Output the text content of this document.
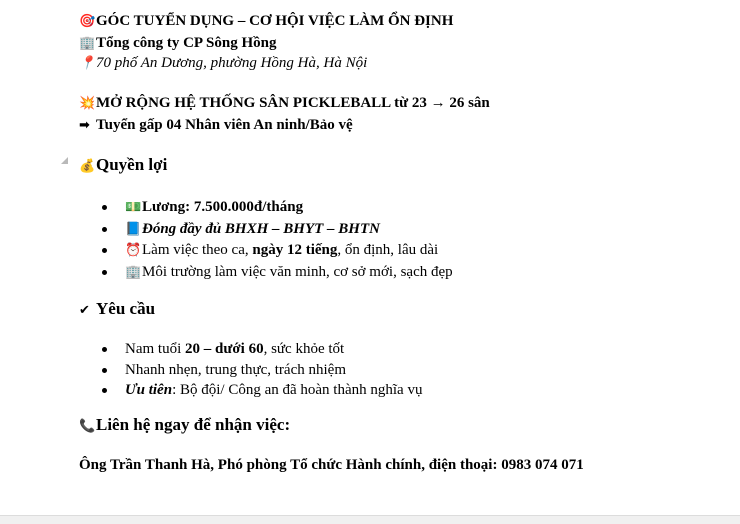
🎯GÓC TUYỂN DỤNG – CƠ HỘI VIỆC LÀM ỔN ĐỊNH
🏢Tổng công ty CP Sông Hồng
📍70 phố An Dương, phường Hồng Hà, Hà Nội
💥MỞ RỘNG HỆ THỐNG SÂN PICKLEBALL từ 23 → 26 sân
➡ Tuyển gấp 04 Nhân viên An ninh/Bảo vệ
💰Quyền lợi
💵Lương: 7.500.000đ/tháng
📘Đóng đầy đủ BHXH – BHYT – BHTN
⏰Làm việc theo ca, ngày 12 tiếng, ổn định, lâu dài
🏢Môi trường làm việc văn minh, cơ sở mới, sạch đẹp
✔ Yêu cầu
Nam tuổi 20 – dưới 60, sức khỏe tốt
Nhanh nhẹn, trung thực, trách nhiệm
Ưu tiên: Bộ đội/ Công an đã hoàn thành nghĩa vụ
📞Liên hệ ngay để nhận việc:
Ông Trần Thanh Hà, Phó phòng Tổ chức Hành chính, điện thoại: 0983 074 071
